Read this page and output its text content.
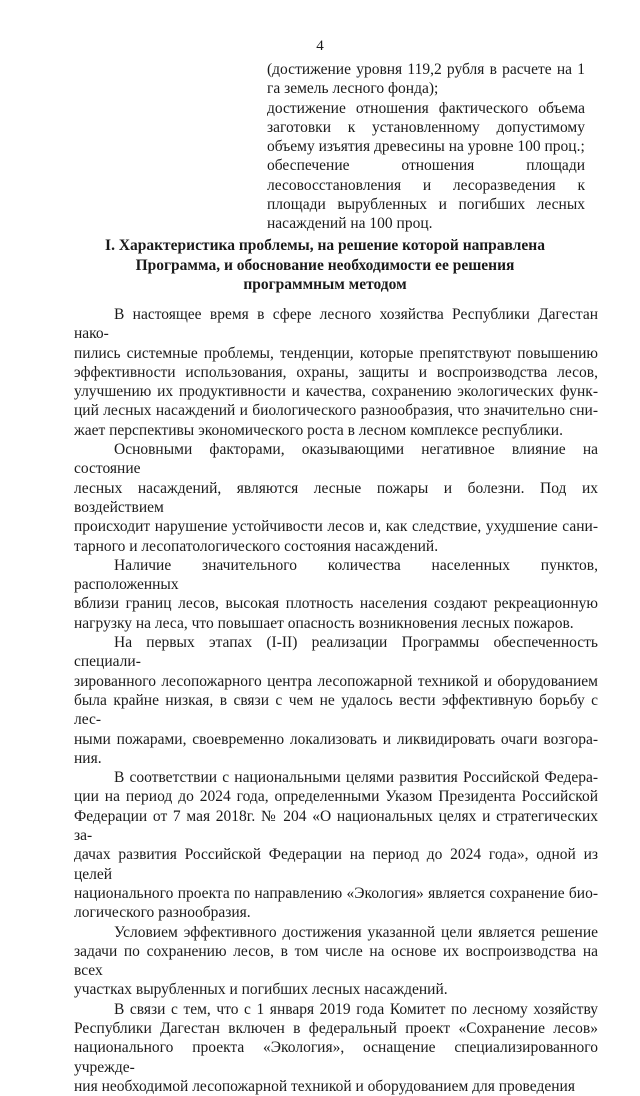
4

(достижение уровня 119,2 рубля в расчете на 1 га земель лесного фонда);

достижение отношения фактического объема заготовки к установленному допустимому объему изъятия древесины на уровне 100 проц.;

обеспечение отношения площади лесовосстановления и лесоразведения к площади вырубленных и погибших лесных насаждений на 100 проц.

I. Характеристика проблемы, на решение которой направлена
Программа, и обоснование необходимости ее решения
программным методом
В настоящее время в сфере лесного хозяйства Республики Дагестан нако-
пились системные проблемы, тенденции, которые препятствуют повышению
эффективности использования, охраны, защиты и воспроизводства лесов,
улучшению их продуктивности и качества, сохранению экологических функ-
ций лесных насаждений и биологического разнообразия, что значительно сни-
жает перспективы экономического роста в лесном комплексе республики.
Основными факторами, оказывающими негативное влияние на состояние
лесных насаждений, являются лесные пожары и болезни. Под их воздействием
происходит нарушение устойчивости лесов и, как следствие, ухудшение сани-
тарного и лесопатологического состояния насаждений.
Наличие значительного количества населенных пунктов, расположенных
вблизи границ лесов, высокая плотность населения создают рекреационную
нагрузку на леса, что повышает опасность возникновения лесных пожаров.
На первых этапах (I-II) реализации Программы обеспеченность специали-
зированного лесопожарного центра лесопожарной техникой и оборудованием
была крайне низкая, в связи с чем не удалось вести эффективную борьбу с лес-
ными пожарами, своевременно локализовать и ликвидировать очаги возгора-
ния.
В соответствии с национальными целями развития Российской Федера-
ции на период до 2024 года, определенными Указом Президента Российской
Федерации от 7 мая 2018г. № 204 «О национальных целях и стратегических за-
дачах развития Российской Федерации на период до 2024 года», одной из целей
национального проекта по направлению «Экология» является сохранение био-
логического разнообразия.
Условием эффективного достижения указанной цели является решение
задачи по сохранению лесов, в том числе на основе их воспроизводства на всех
участках вырубленных и погибших лесных насаждений.
В связи с тем, что с 1 января 2019 года Комитет по лесному хозяйству
Республики Дагестан включен в федеральный проект «Сохранение лесов»
национального проекта «Экология», оснащение специализированного учрежде-
ния необходимой лесопожарной техникой и оборудованием для проведения
